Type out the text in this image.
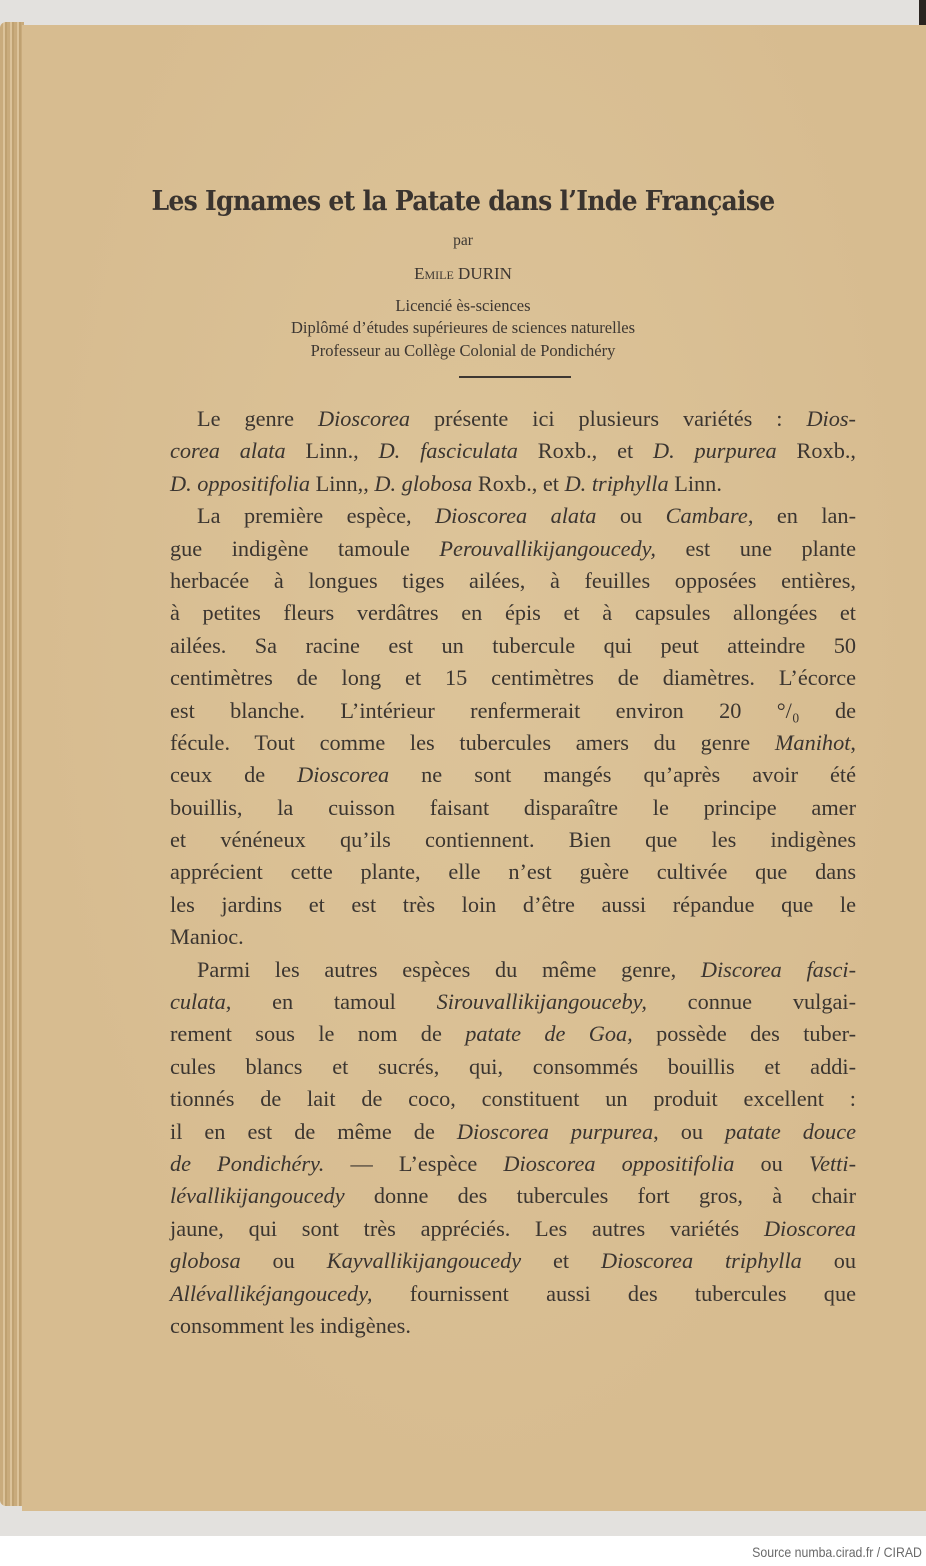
Les Ignames et la Patate dans l’Inde Française
par
Emile DURIN
Licencié ès-sciences
Diplômé d’études supérieures de sciences naturelles
Professeur au Collège Colonial de Pondichéry
Le genre Dioscorea présente ici plusieurs variétés : Dios-
corea alata Linn., D. fasciculata Roxb., et D. purpurea Roxb.,
D. oppositifolia Linn,, D. globosa Roxb., et D. triphylla Linn.
La première espèce, Dioscorea alata ou Cambare, en lan-
gue indigène tamoule Perouvallikijangoucedy, est une plante
herbacée à longues tiges ailées, à feuilles opposées entières,
à petites fleurs verdâtres en épis et à capsules allongées et
ailées. Sa racine est un tubercule qui peut atteindre 50
centimètres de long et 15 centimètres de diamètres. L’écorce
est blanche. L’intérieur renfermerait environ 20 °/₀ de
fécule. Tout comme les tubercules amers du genre Manihot,
ceux de Dioscorea ne sont mangés qu’après avoir été
bouillis, la cuisson faisant disparaître le principe amer
et vénéneux qu’ils contiennent. Bien que les indigènes
apprécient cette plante, elle n’est guère cultivée que dans
les jardins et est très loin d’être aussi répandue que le
Manioc.
Parmi les autres espèces du même genre, Discorea fasci-
culata, en tamoul Sirouvallikijangouceby, connue vulgai-
rement sous le nom de patate de Goa, possède des tuber-
cules blancs et sucrés, qui, consommés bouillis et addi-
tionnés de lait de coco, constituent un produit excellent :
il en est de même de Dioscorea purpurea, ou patate douce
de Pondichéry. — L’espèce Dioscorea oppositifolia ou Vetti-
lévallikijangoucedy donne des tubercules fort gros, à chair
jaune, qui sont très appréciés. Les autres variétés Dioscorea
globosa ou Kayvallikijangoucedy et Dioscorea triphylla ou
Allévallikéjangoucedy, fournissent aussi des tubercules que
consomment les indigènes.
Source numba.cirad.fr / CIRAD
